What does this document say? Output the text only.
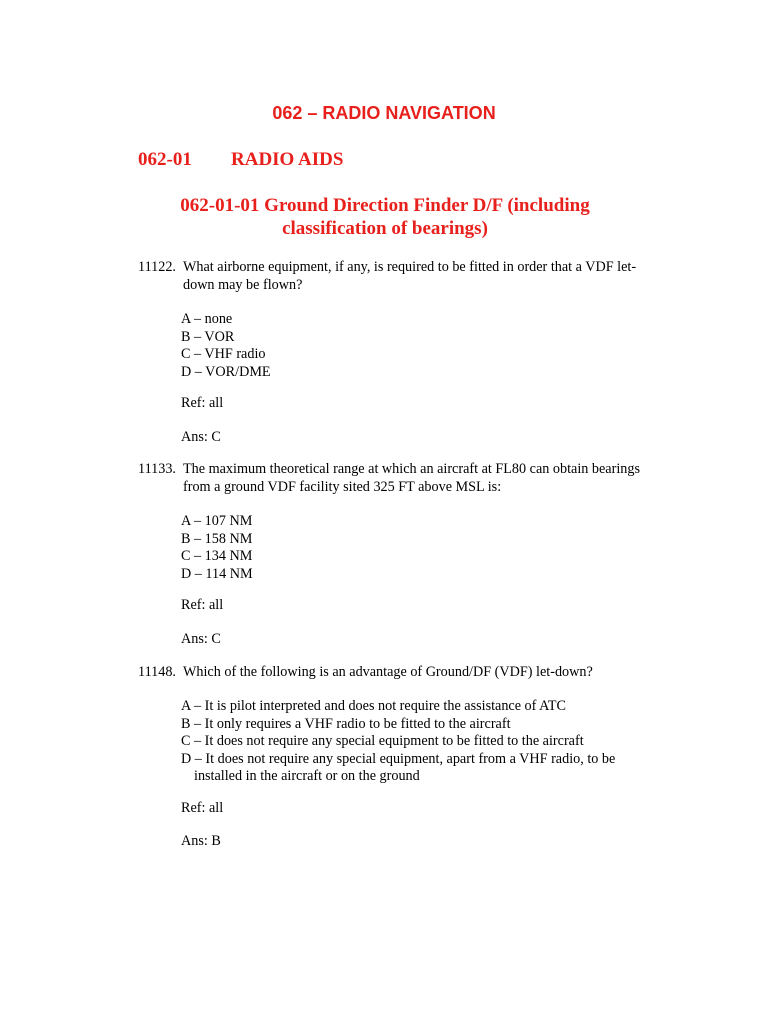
062 – RADIO NAVIGATION
062-01 RADIO AIDS
062-01-01 Ground Direction Finder D/F (including
classification of bearings)
11122. What airborne equipment, if any, is required to be fitted in order that a VDF let-down may be flown?
A – none
B – VOR
C – VHF radio
D – VOR/DME
Ref: all
Ans: C
11133. The maximum theoretical range at which an aircraft at FL80 can obtain bearings from a ground VDF facility sited 325 FT above MSL is:
A – 107 NM
B – 158 NM
C – 134 NM
D – 114 NM
Ref: all
Ans: C
11148. Which of the following is an advantage of Ground/DF (VDF) let-down?
A – It is pilot interpreted and does not require the assistance of ATC
B – It only requires a VHF radio to be fitted to the aircraft
C – It does not require any special equipment to be fitted to the aircraft
D – It does not require any special equipment, apart from a VHF radio, to be installed in the aircraft or on the ground
Ref: all
Ans: B
